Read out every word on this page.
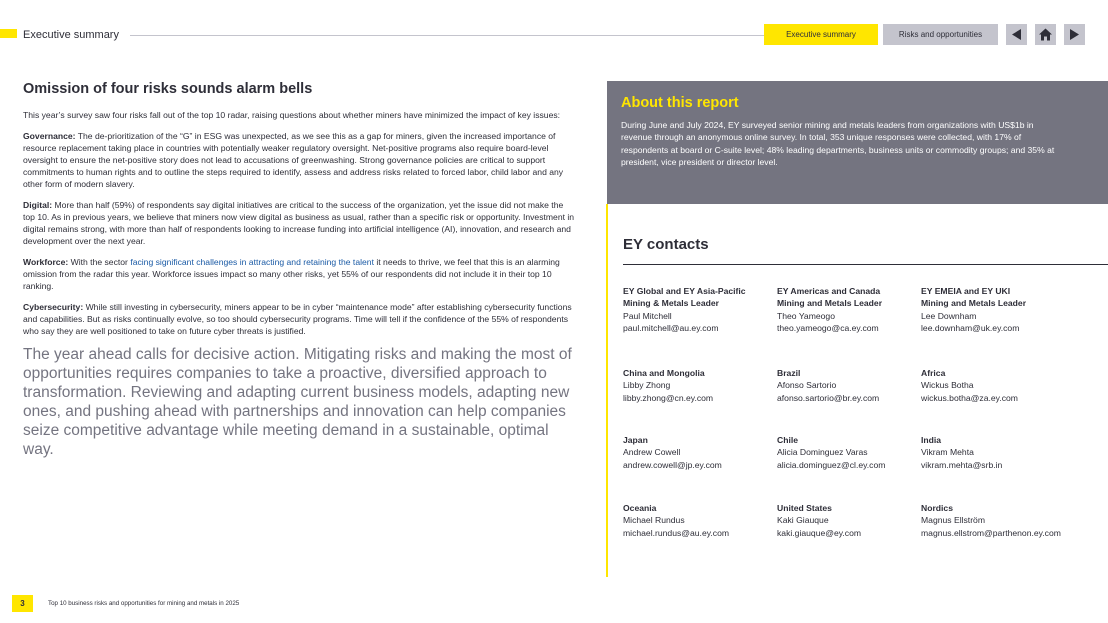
Executive summary	Executive summary	Risks and opportunities
Omission of four risks sounds alarm bells
This year’s survey saw four risks fall out of the top 10 radar, raising questions about whether miners have minimized the impact of key issues:
Governance: The de-prioritization of the “G” in ESG was unexpected, as we see this as a gap for miners, given the increased importance of resource replacement taking place in countries with potentially weaker regulatory oversight. Net-positive programs also require board-level oversight to ensure the net-positive story does not lead to accusations of greenwashing. Strong governance policies are critical to support commitments to human rights and to outline the steps required to identify, assess and address risks related to forced labor, child labor and any other form of modern slavery.
Digital: More than half (59%) of respondents say digital initiatives are critical to the success of the organization, yet the issue did not make the top 10. As in previous years, we believe that miners now view digital as business as usual, rather than a specific risk or opportunity. Investment in digital remains strong, with more than half of respondents looking to increase funding into artificial intelligence (AI), innovation, and research and development over the next year.
Workforce: With the sector facing significant challenges in attracting and retaining the talent it needs to thrive, we feel that this is an alarming omission from the radar this year. Workforce issues impact so many other risks, yet 55% of our respondents did not include it in their top 10 ranking.
Cybersecurity: While still investing in cybersecurity, miners appear to be in cyber “maintenance mode” after establishing cybersecurity functions and capabilities. But as risks continually evolve, so too should cybersecurity programs. Time will tell if the confidence of the 55% of respondents who say they are well positioned to take on future cyber threats is justified.
The year ahead calls for decisive action. Mitigating risks and making the most of opportunities requires companies to take a proactive, diversified approach to transformation. Reviewing and adapting current business models, adapting new ones, and pushing ahead with partnerships and innovation can help companies seize competitive advantage while meeting demand in a sustainable, optimal way.
About this report
During June and July 2024, EY surveyed senior mining and metals leaders from organizations with US$1b in revenue through an anonymous online survey. In total, 353 unique responses were collected, with 17% of respondents at board or C-suite level; 48% leading departments, business units or commodity groups; and 35% at president, vice president or director level.
EY contacts
EY Global and EY Asia-Pacific
Mining & Metals Leader
Paul Mitchell
paul.mitchell@au.ey.com
EY Americas and Canada
Mining and Metals Leader
Theo Yameogo
theo.yameogo@ca.ey.com
EY EMEIA and EY UKI
Mining and Metals Leader
Lee Downham
lee.downham@uk.ey.com
China and Mongolia
Libby Zhong
libby.zhong@cn.ey.com
Brazil
Afonso Sartorio
afonso.sartorio@br.ey.com
Africa
Wickus Botha
wickus.botha@za.ey.com
Japan
Andrew Cowell
andrew.cowell@jp.ey.com
Chile
Alicia Dominguez Varas
alicia.dominguez@cl.ey.com
India
Vikram Mehta
vikram.mehta@srb.in
Oceania
Michael Rundus
michael.rundus@au.ey.com
United States
Kaki Giauque
kaki.giauque@ey.com
Nordics
Magnus Ellström
magnus.ellstrom@parthenon.ey.com
3	Top 10 business risks and opportunities for mining and metals in 2025
